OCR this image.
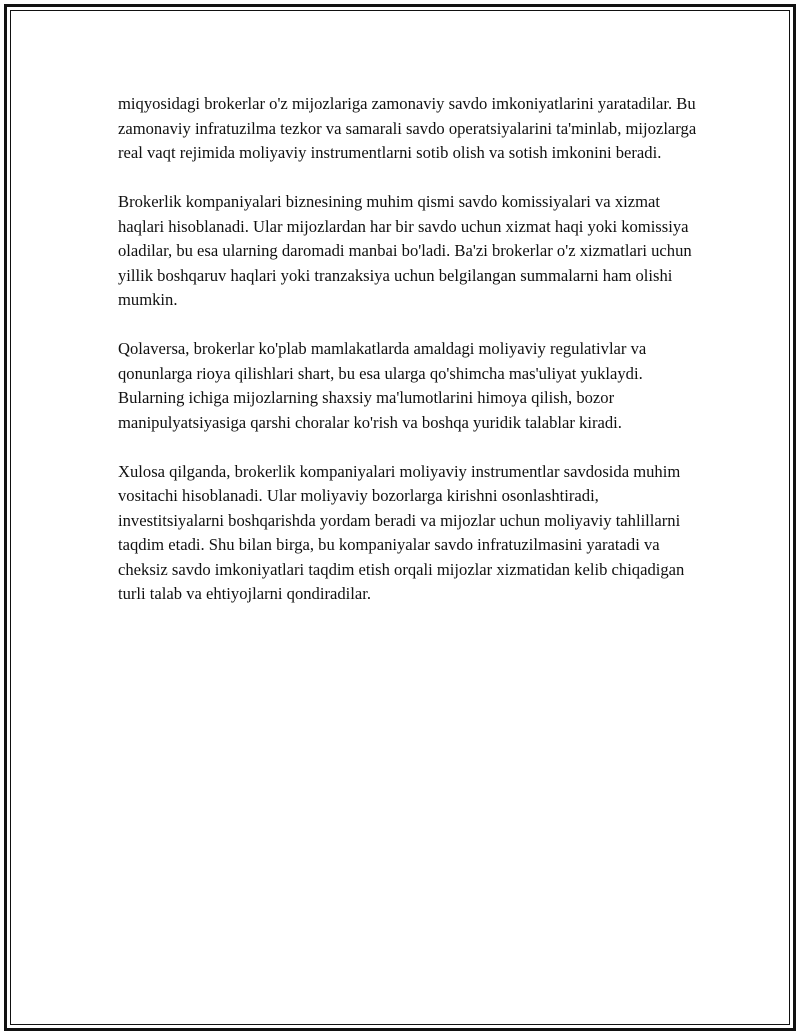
miqyosidagi brokerlar o'z mijozlariga zamonaviy savdo imkoniyatlarini yaratadilar. Bu zamonaviy infratuzilma tezkor va samarali savdo operatsiyalarini ta'minlab, mijozlarga real vaqt rejimida moliyaviy instrumentlarni sotib olish va sotish imkonini beradi.

Brokerlik kompaniyalari biznesining muhim qismi savdo komissiyalari va xizmat haqlari hisoblanadi. Ular mijozlardan har bir savdo uchun xizmat haqi yoki komissiya oladilar, bu esa ularning daromadi manbai bo'ladi. Ba'zi brokerlar o'z xizmatlari uchun yillik boshqaruv haqlari yoki tranzaksiya uchun belgilangan summalarni ham olishi mumkin.

Qolaversa, brokerlar ko'plab mamlakatlarda amaldagi moliyaviy regulativlar va qonunlarga rioya qilishlari shart, bu esa ularga qo'shimcha mas'uliyat yuklaydi. Bularning ichiga mijozlarning shaxsiy ma'lumotlarini himoya qilish, bozor manipulyatsiyasiga qarshi choralar ko'rish va boshqa yuridik talablar kiradi.

Xulosa qilganda, brokerlik kompaniyalari moliyaviy instrumentlar savdosida muhim vositachi hisoblanadi. Ular moliyaviy bozorlarga kirishni osonlashtiradi, investitsiyalarni boshqarishda yordam beradi va mijozlar uchun moliyaviy tahlillarni taqdim etadi. Shu bilan birga, bu kompaniyalar savdo infratuzilmasini yaratadi va cheksiz savdo imkoniyatlari taqdim etish orqali mijozlar xizmatidan kelib chiqadigan turli talab va ehtiyojlarni qondiradilar.
